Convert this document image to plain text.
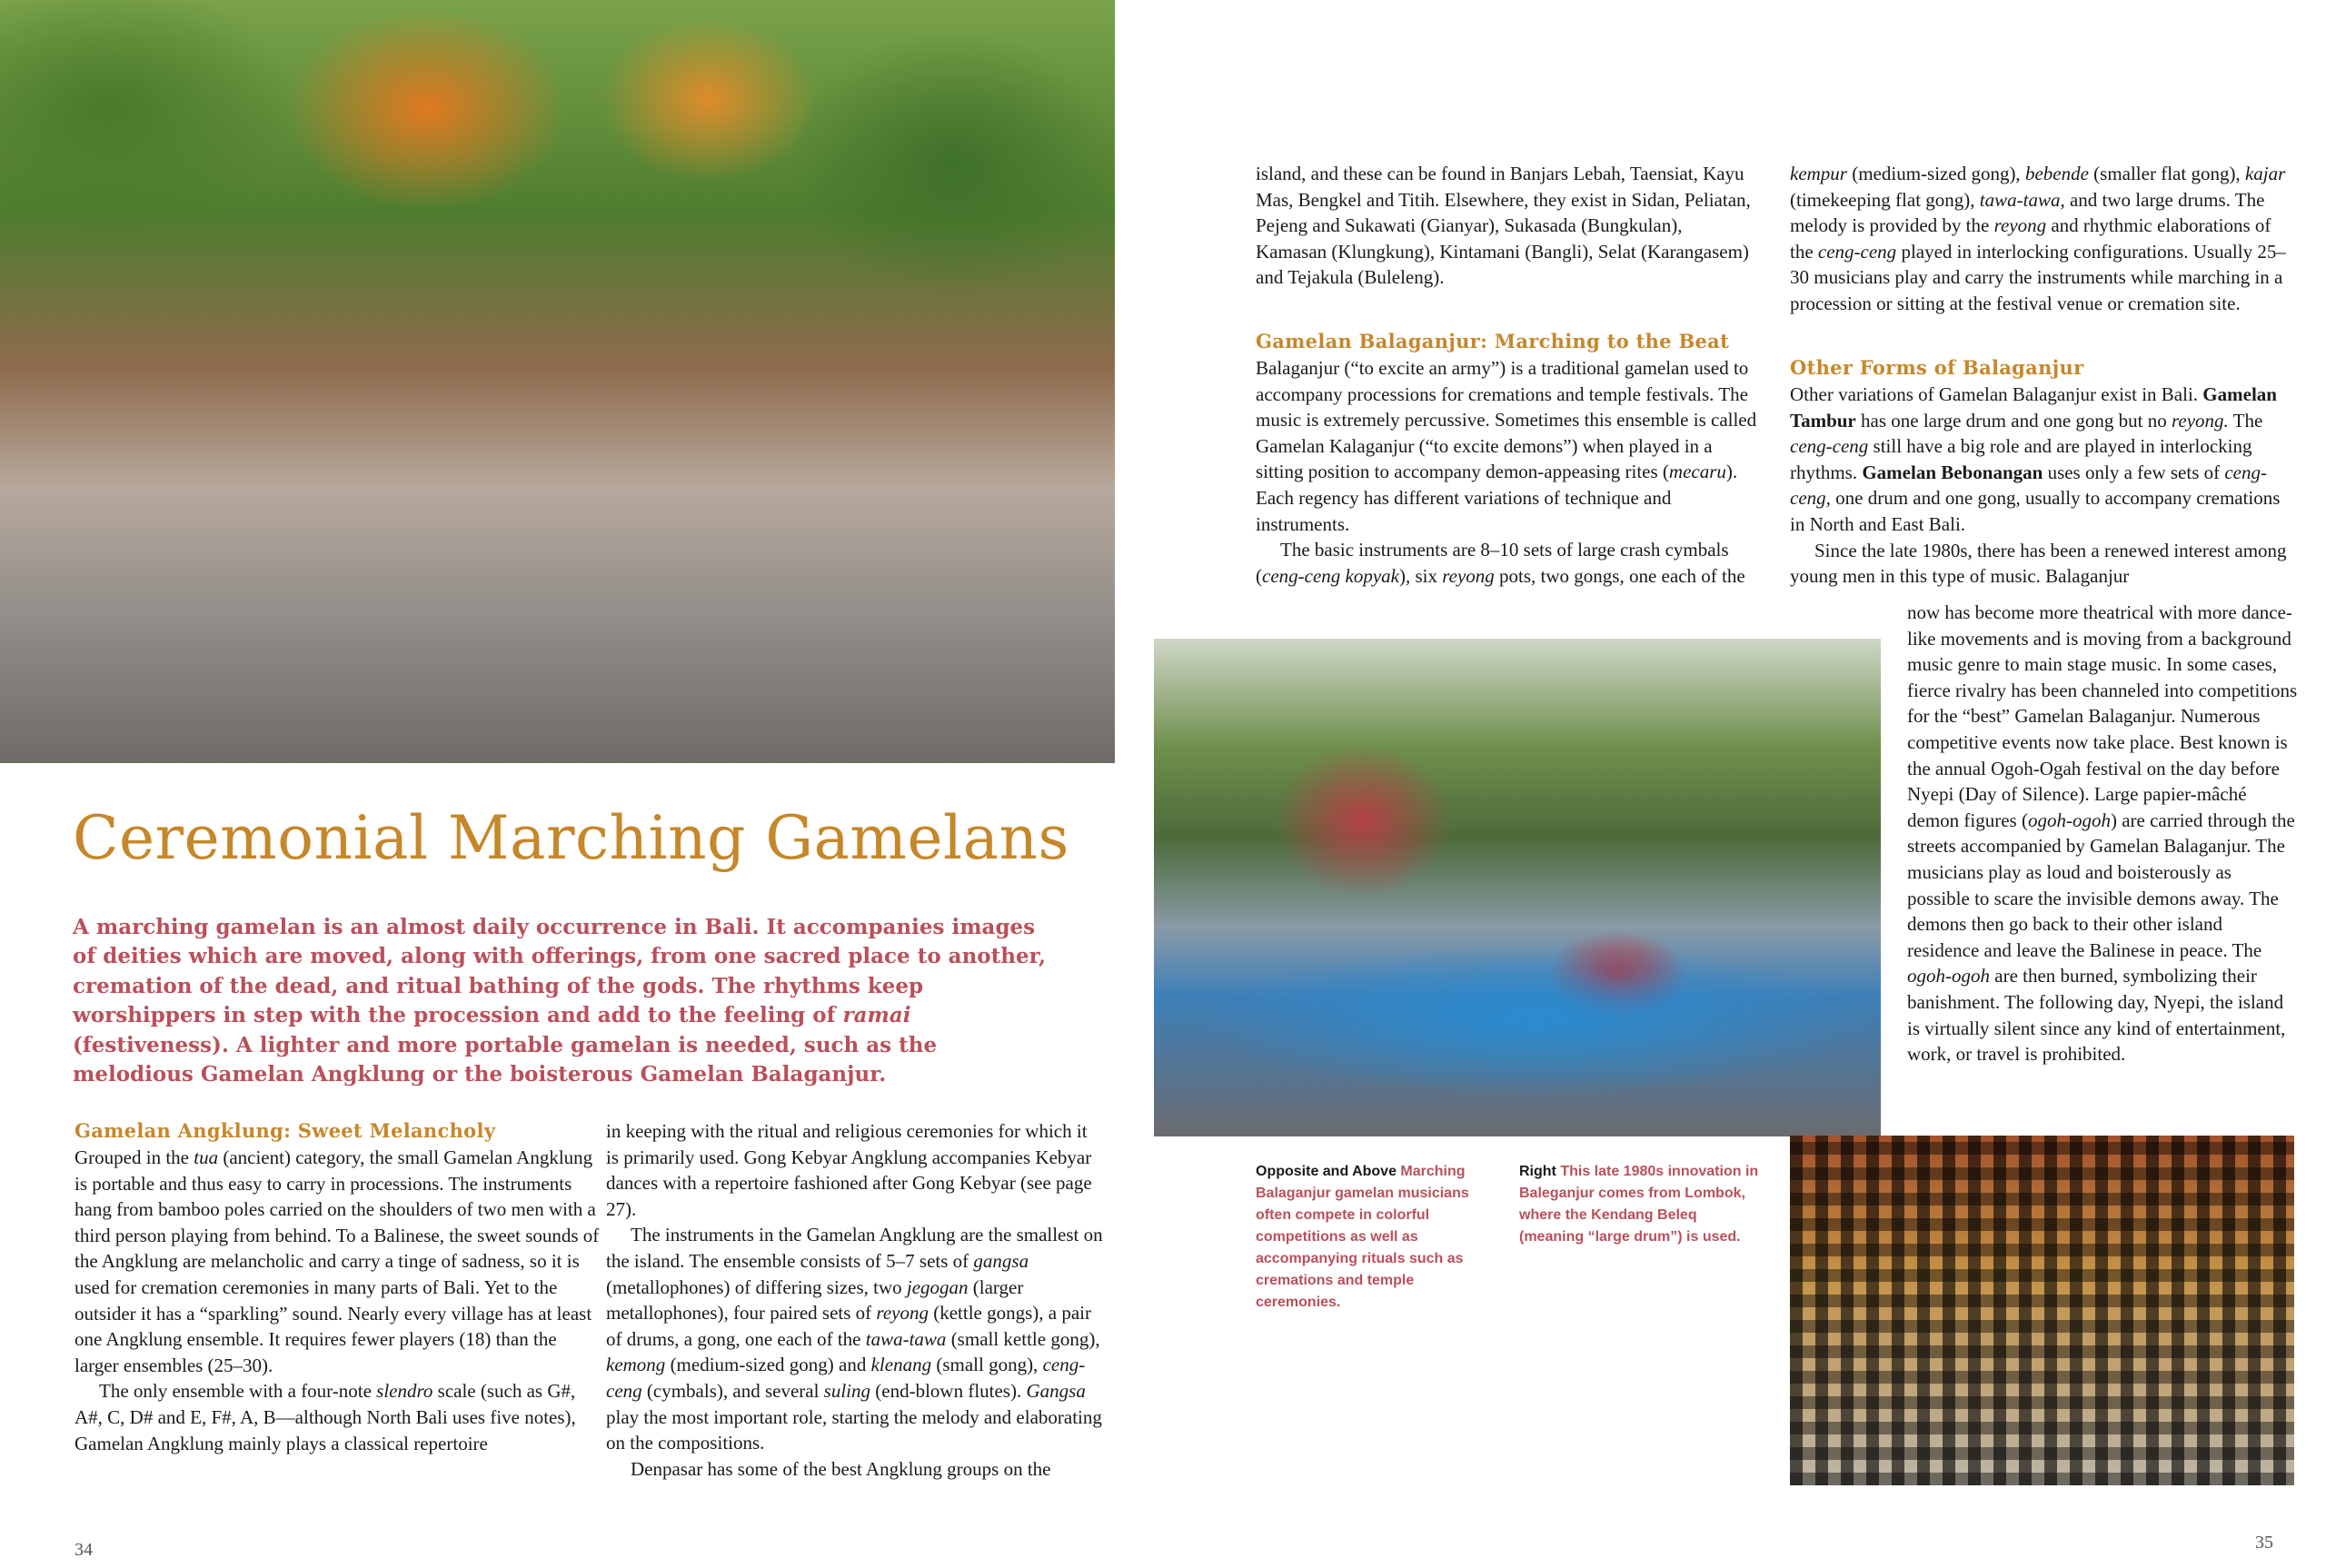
Ceremonial Marching Gamelans

A marching gamelan is an almost daily occurrence in Bali. It accompanies images of deities which are moved, along with offerings, from one sacred place to another, cremation of the dead, and ritual bathing of the gods. The rhythms keep worshippers in step with the procession and add to the feeling of ramai (festiveness). A lighter and more portable gamelan is needed, such as the melodious Gamelan Angklung or the boisterous Gamelan Balaganjur.

Gamelan Angklung: Sweet Melancholy

Grouped in the tua (ancient) category, the small Gamelan Angklung is portable and thus easy to carry in processions. The instruments hang from bamboo poles carried on the shoulders of two men with a third person playing from behind. To a Balinese, the sweet sounds of the Angklung are melancholic and carry a tinge of sadness, so it is used for cremation ceremonies in many parts of Bali. Yet to the outsider it has a “sparkling” sound. Nearly every village has at least one Angklung ensemble. It requires fewer players (18) than the larger ensembles (25–30).

The only ensemble with a four-note slendro scale (such as G#, A#, C, D# and E, F#, A, B—although North Bali uses five notes), Gamelan Angklung mainly plays a classical repertoire

in keeping with the ritual and religious ceremonies for which it is primarily used. Gong Kebyar Angklung accompanies Kebyar dances with a repertoire fashioned after Gong Kebyar (see page 27).

The instruments in the Gamelan Angklung are the smallest on the island. The ensemble consists of 5–7 sets of gangsa (metallophones) of differing sizes, two jegogan (larger metallophones), four paired sets of reyong (kettle gongs), a pair of drums, a gong, one each of the tawa-tawa (small kettle gong), kemong (medium-sized gong) and klenang (small gong), ceng-ceng (cymbals), and several suling (end-blown flutes). Gangsa play the most important role, starting the melody and elaborating on the compositions.

Denpasar has some of the best Angklung groups on the

34

island, and these can be found in Banjars Lebah, Taensiat, Kayu Mas, Bengkel and Titih. Elsewhere, they exist in Sidan, Peliatan, Pejeng and Sukawati (Gianyar), Sukasada (Bungkulan), Kamasan (Klungkung), Kintamani (Bangli), Selat (Karangasem) and Tejakula (Buleleng).

Gamelan Balaganjur: Marching to the Beat

Balaganjur (“to excite an army”) is a traditional gamelan used to accompany processions for cremations and temple festivals. The music is extremely percussive. Sometimes this ensemble is called Gamelan Kalaganjur (“to excite demons”) when played in a sitting position to accompany demon-appeasing rites (mecaru). Each regency has different variations of technique and instruments.

The basic instruments are 8–10 sets of large crash cymbals (ceng-ceng kopyak), six reyong pots, two gongs, one each of the

kempur (medium-sized gong), bebende (smaller flat gong), kajar (timekeeping flat gong), tawa-tawa, and two large drums. The melody is provided by the reyong and rhythmic elaborations of the ceng-ceng played in interlocking configurations. Usually 25–30 musicians play and carry the instruments while marching in a procession or sitting at the festival venue or cremation site.

Other Forms of Balaganjur

Other variations of Gamelan Balaganjur exist in Bali. Gamelan Tambur has one large drum and one gong but no reyong. The ceng-ceng still have a big role and are played in interlocking rhythms. Gamelan Bebonangan uses only a few sets of ceng-ceng, one drum and one gong, usually to accompany cremations in North and East Bali.

Since the late 1980s, there has been a renewed interest among young men in this type of music. Balaganjur

now has become more theatrical with more dance-like movements and is moving from a background music genre to main stage music. In some cases, fierce rivalry has been channeled into competitions for the “best” Gamelan Balaganjur. Numerous competitive events now take place. Best known is the annual Ogoh-Ogah festival on the day before Nyepi (Day of Silence). Large papier-mâché demon figures (ogoh-ogoh) are carried through the streets accompanied by Gamelan Balaganjur. The musicians play as loud and boisterously as possible to scare the invisible demons away. The demons then go back to their other island residence and leave the Balinese in peace. The ogoh-ogoh are then burned, symbolizing their banishment. The following day, Nyepi, the island is virtually silent since any kind of entertainment, work, or travel is prohibited.

Opposite and Above Marching Balaganjur gamelan musicians often compete in colorful competitions as well as accompanying rituals such as cremations and temple ceremonies.

Right This late 1980s innovation in Baleganjur comes from Lombok, where the Kendang Beleq (meaning “large drum”) is used.

35
